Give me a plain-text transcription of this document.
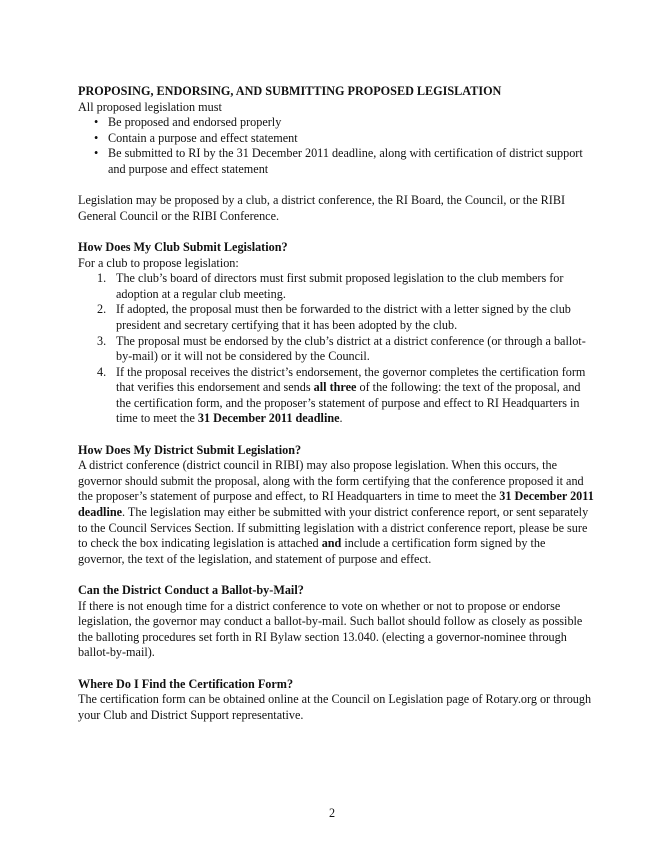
PROPOSING, ENDORSING, AND SUBMITTING PROPOSED LEGISLATION

All proposed legislation must

• Be proposed and endorsed properly
• Contain a purpose and effect statement
• Be submitted to RI by the 31 December 2011 deadline, along with certification of district support and purpose and effect statement

Legislation may be proposed by a club, a district conference, the RI Board, the Council, or the RIBI General Council or the RIBI Conference.

How Does My Club Submit Legislation?

For a club to propose legislation:

1. The club’s board of directors must first submit proposed legislation to the club members for adoption at a regular club meeting.
2. If adopted, the proposal must then be forwarded to the district with a letter signed by the club president and secretary certifying that it has been adopted by the club.
3. The proposal must be endorsed by the club’s district at a district conference (or through a ballot-by-mail) or it will not be considered by the Council.
4. If the proposal receives the district’s endorsement, the governor completes the certification form that verifies this endorsement and sends all three of the following: the text of the proposal, and the certification form, and the proposer’s statement of purpose and effect to RI Headquarters in time to meet the 31 December 2011 deadline.

How Does My District Submit Legislation?

A district conference (district council in RIBI) may also propose legislation. When this occurs, the governor should submit the proposal, along with the form certifying that the conference proposed it and the proposer’s statement of purpose and effect, to RI Headquarters in time to meet the 31 December 2011 deadline. The legislation may either be submitted with your district conference report, or sent separately to the Council Services Section. If submitting legislation with a district conference report, please be sure to check the box indicating legislation is attached and include a certification form signed by the governor, the text of the legislation, and statement of purpose and effect.

Can the District Conduct a Ballot-by-Mail?

If there is not enough time for a district conference to vote on whether or not to propose or endorse legislation, the governor may conduct a ballot-by-mail. Such ballot should follow as closely as possible the balloting procedures set forth in RI Bylaw section 13.040. (electing a governor-nominee through ballot-by-mail).

Where Do I Find the Certification Form?

The certification form can be obtained online at the Council on Legislation page of Rotary.org or through your Club and District Support representative.

2
